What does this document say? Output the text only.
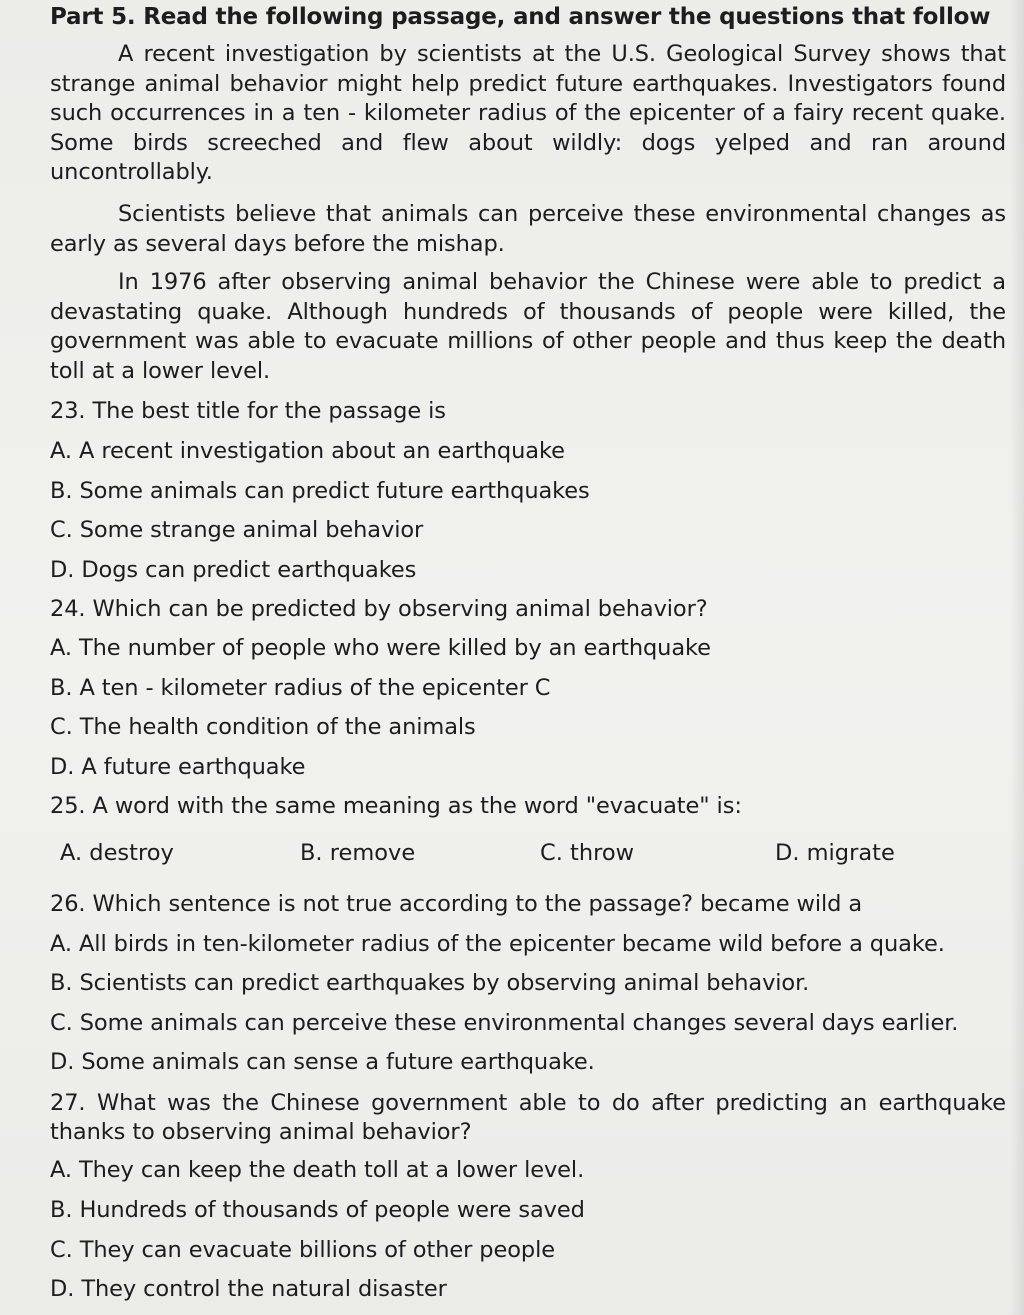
Part 5. Read the following passage, and answer the questions that follow
A recent investigation by scientists at the U.S. Geological Survey shows that strange animal behavior might help predict future earthquakes. Investigators found such occurrences in a ten - kilometer radius of the epicenter of a fairy recent quake. Some birds screeched and flew about wildly: dogs yelped and ran around uncontrollably.
Scientists believe that animals can perceive these environmental changes as early as several days before the mishap.
In 1976 after observing animal behavior the Chinese were able to predict a devastating quake. Although hundreds of thousands of people were killed, the government was able to evacuate millions of other people and thus keep the death toll at a lower level.
23. The best title for the passage is
A. A recent investigation about an earthquake
B. Some animals can predict future earthquakes
C. Some strange animal behavior
D. Dogs can predict earthquakes
24. Which can be predicted by observing animal behavior?
A. The number of people who were killed by an earthquake
B. A ten - kilometer radius of the epicenter C
C. The health condition of the animals
D. A future earthquake
25. A word with the same meaning as the word "evacuate" is:
A. destroy	B. remove	C. throw	D. migrate
26. Which sentence is not true according to the passage? became wild a
A. All birds in ten-kilometer radius of the epicenter became wild before a quake.
B. Scientists can predict earthquakes by observing animal behavior.
C. Some animals can perceive these environmental changes several days earlier.
D. Some animals can sense a future earthquake.
27. What was the Chinese government able to do after predicting an earthquake thanks to observing animal behavior?
A. They can keep the death toll at a lower level.
B. Hundreds of thousands of people were saved
C. They can evacuate billions of other people
D. They control the natural disaster
